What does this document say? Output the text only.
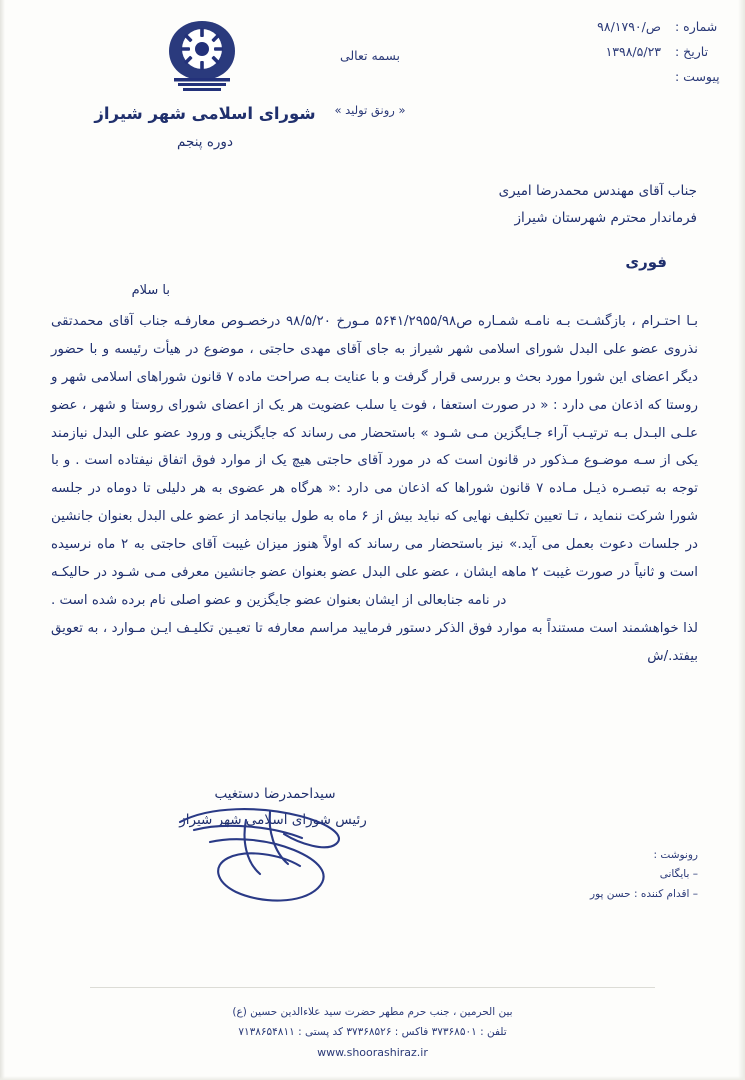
شماره :
۹۸/۱۷۹۰/ص
تاریخ :
۱۳۹۸/۵/۲۳
پیوست :
بسمه تعالی
« رونق تولید »
شورای اسلامی شهر شیراز
دوره پنجم
جناب آقای مهندس محمدرضا امیری
فرماندار محترم شهرستان شیراز
فوری
با سلام

بـا احتـرام ، بازگشـت بـه نامـه شمـاره ص۵۶۴۱/۲۹۵۵/۹۸ مـورخ ۹۸/۵/۲۰ درخصـوص معارفـه جناب آقای محمدتقی نذروی عضو علی البدل شورای اسلامی شهر شیراز به جای آقای مهدی حاجتی ، موضوع در هیأت رئیسه و با حضور دیگر اعضای این شورا مورد بحث و بررسی قرار گرفت و با عنایت بـه صراحت ماده ۷ قانون شوراهای اسلامی شهر و روستا که اذعان می دارد : « در صورت استعفا ، فوت یا سلب عضویت هر یک از اعضای شورای روستا و شهر ، عضو علـی البـدل بـه ترتیـب آراء جـایگزین مـی شـود » باستحضار می رساند که جایگزینی و ورود عضو علی البدل نیازمند یکی از سـه موضـوع مـذکور در قانون است که در مورد آقای حاجتی هیچ یک از موارد فوق اتفاق نیفتاده است . و با توجه به تبصـره ذیـل مـاده ۷ قانون شوراها که اذعان می دارد :« هرگاه هر عضوی به هر دلیلی تا دوماه در جلسه شورا شرکت ننماید ، تـا تعیین تکلیف نهایی که نباید بیش از ۶ ماه به طول بیانجامد از عضو علی البدل بعنوان جانشین در جلسات دعوت بعمل می آید.» نیز باستحضار می رساند که اولاً هنوز میزان غیبت آقای حاجتی به ۲ ماه نرسیده است و ثانیاً در صورت غیبت ۲ ماهه ایشان ، عضو علی البدل عضو بعنوان عضو جانشین معرفی مـی شـود در حالیکـه در نامه جنابعالی از ایشان بعنوان عضو جایگزین و عضو اصلی نام برده شده است .

لذا خواهشمند است مستنداً به موارد فوق الذکر دستور فرمایید مراسم معارفه تا تعیـین تکلیـف ایـن مـوارد ، به تعویق بیفتد./ش

سیداحمدرضا دستغیب
رئیس شورای اسلامی شهر شیراز
رونوشت :
– بایگانی
– اقدام کننده : حسن پور
بین الحرمین ، جنب حرم مطهر حضرت سید علاءالدین حسین (ع)
تلفن : ۳۷۳۶۸۵۰۱ فاکس : ۳۷۳۶۸۵۲۶ کد پستی : ۷۱۳۸۶۵۴۸۱۱
www.shoorashiraz.ir
